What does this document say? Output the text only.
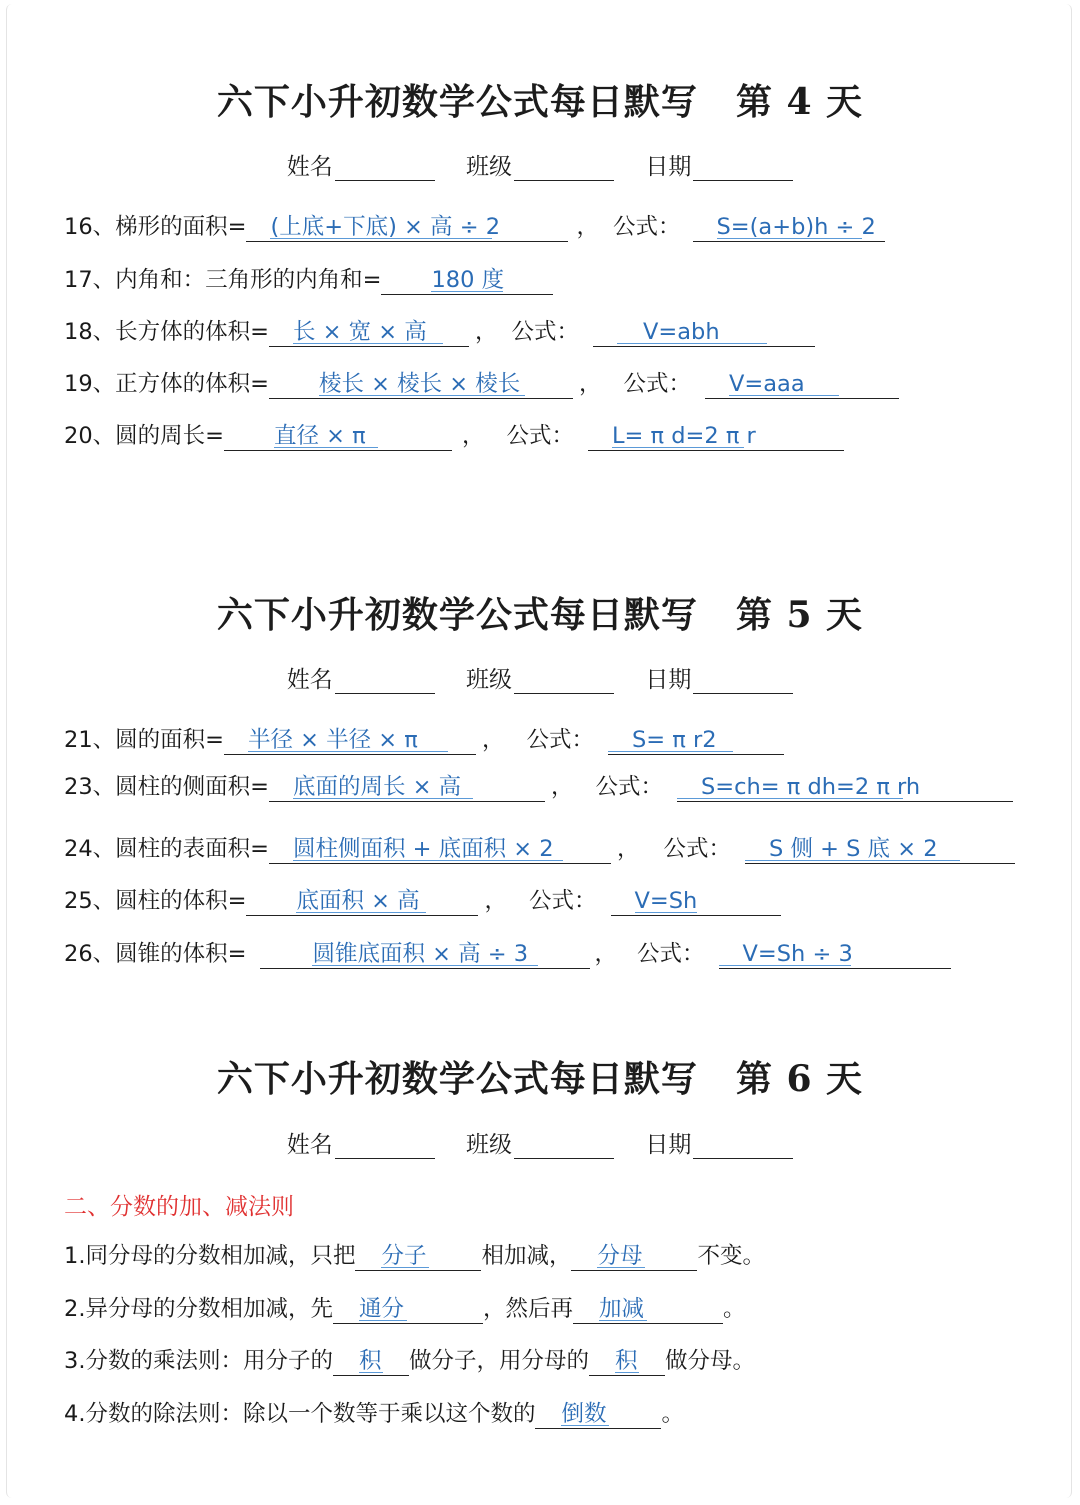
六下小升初数学公式每日默写 第 4 天
姓名	班级	日期
16、梯形的面积= (上底+下底) × 高 ÷ 2	， 公式： S=(a+b)h ÷ 2
17、内角和：三角形的内角和= 180 度
18、长方体的体积= 长 × 宽 × 高 ， 公式：	V=abh
19、正方体的体积= 棱长 × 棱长 × 棱长	， 公式： V=aaa
20、圆的周长= 直径 × π	， 公式： L= π d=2 π r
六下小升初数学公式每日默写 第 5 天
姓名	班级	日期
21、圆的面积= 半径 × 半径 × π	， 公式： S= π r2
23、圆柱的侧面积= 底面的周长 × 高	， 公式： S=ch= π dh=2 π rh
24、圆柱的表面积= 圆柱侧面积 + 底面积 × 2	， 公式： S 侧 + S 底 × 2
25、圆柱的体积= 底面积 × 高	， 公式： V=Sh
26、圆锥的体积=	圆锥底面积 × 高 ÷ 3	， 公式： V=Sh ÷ 3
六下小升初数学公式每日默写 第 6 天
姓名	班级	日期
二、分数的加、减法则
1.同分母的分数相加减，只把 分子 相加减， 分母 不变。
2.异分母的分数相加减，先 通分	，然后再 加减	。
3.分数的乘法则：用分子的 积 做分子，用分母的 积 做分母。
4.分数的除法则：除以一个数等于乘以这个数的 倒数 。
